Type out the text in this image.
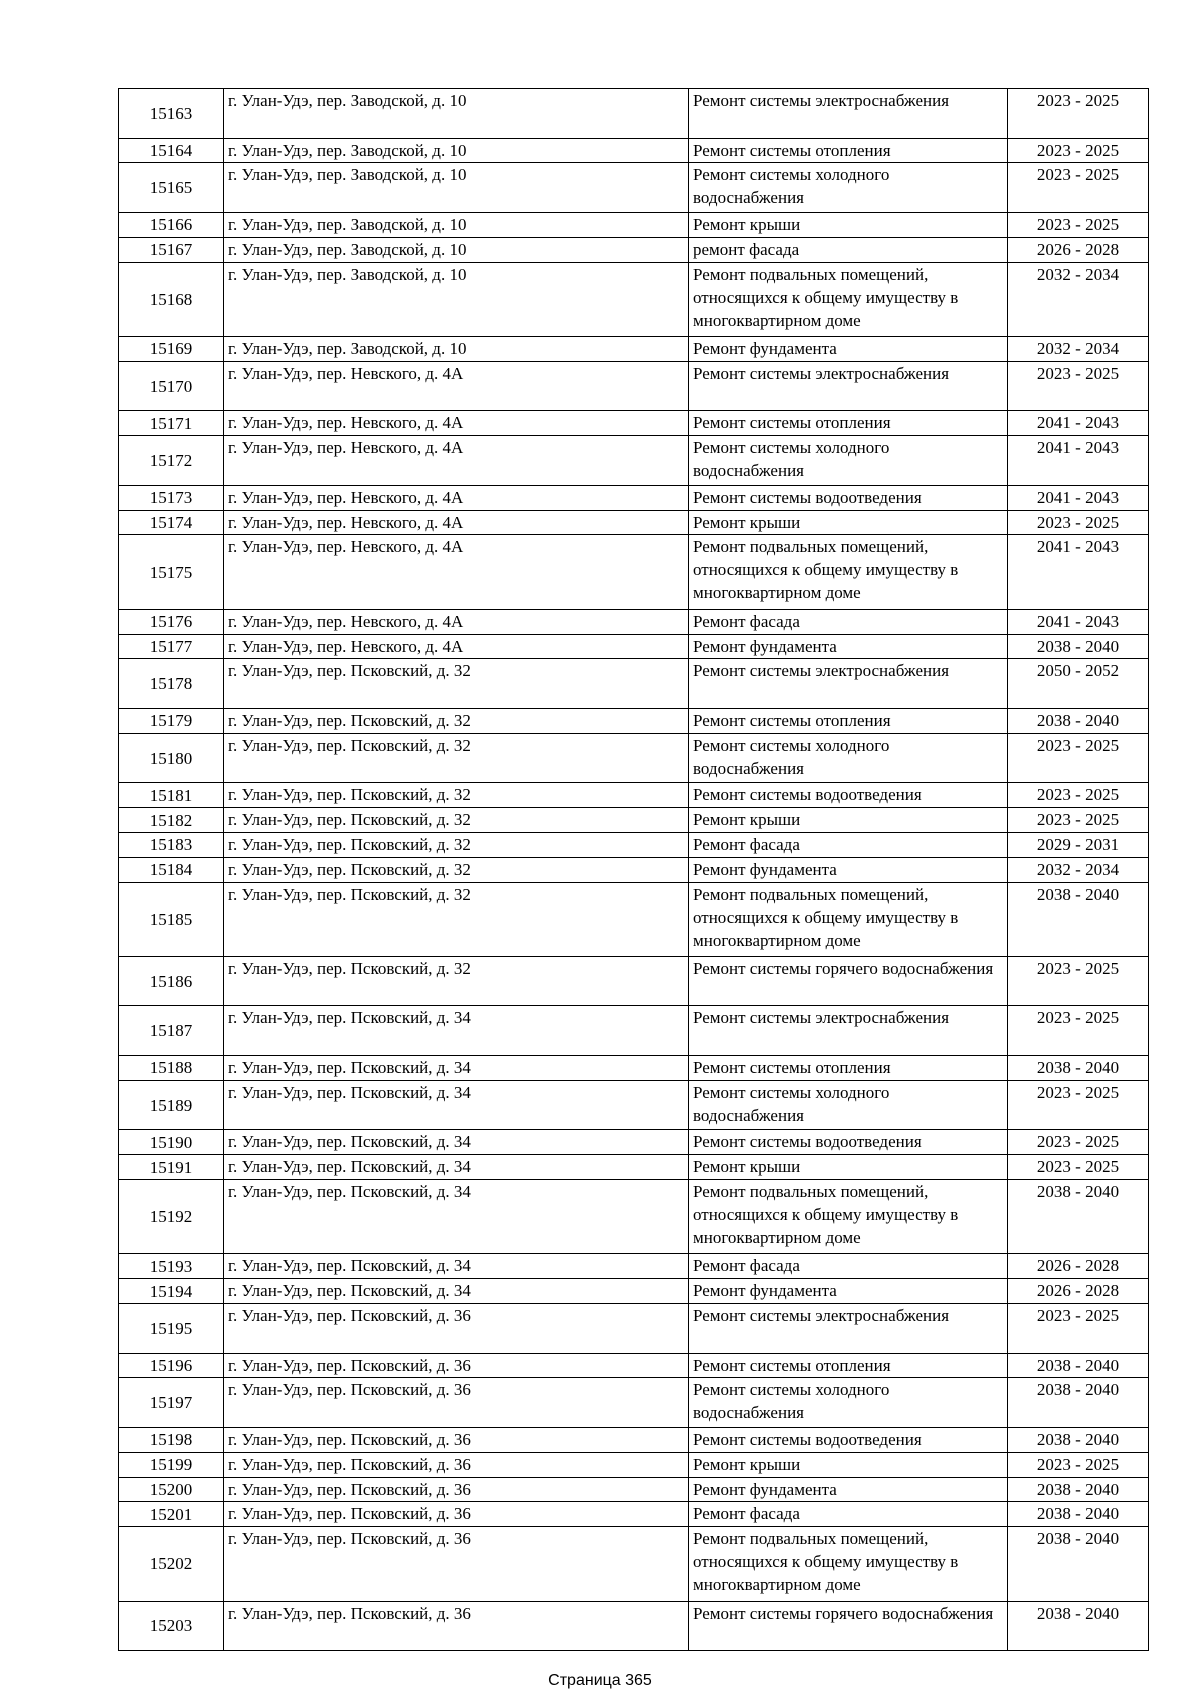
15163	г. Улан-Удэ, пер. Заводской, д. 10	Ремонт системы электроснабжения	2023 - 2025
15164	г. Улан-Удэ, пер. Заводской, д. 10	Ремонт системы отопления	2023 - 2025
15165	г. Улан-Удэ, пер. Заводской, д. 10	Ремонт системы холодного водоснабжения	2023 - 2025
15166	г. Улан-Удэ, пер. Заводской, д. 10	Ремонт крыши	2023 - 2025
15167	г. Улан-Удэ, пер. Заводской, д. 10	ремонт фасада	2026 - 2028
15168	г. Улан-Удэ, пер. Заводской, д. 10	Ремонт подвальных помещений, относящихся к общему имуществу в многоквартирном доме	2032 - 2034
15169	г. Улан-Удэ, пер. Заводской, д. 10	Ремонт фундамента	2032 - 2034
15170	г. Улан-Удэ, пер. Невского, д. 4А	Ремонт системы электроснабжения	2023 - 2025
15171	г. Улан-Удэ, пер. Невского, д. 4А	Ремонт системы отопления	2041 - 2043
15172	г. Улан-Удэ, пер. Невского, д. 4А	Ремонт системы холодного водоснабжения	2041 - 2043
15173	г. Улан-Удэ, пер. Невского, д. 4А	Ремонт системы водоотведения	2041 - 2043
15174	г. Улан-Удэ, пер. Невского, д. 4А	Ремонт крыши	2023 - 2025
15175	г. Улан-Удэ, пер. Невского, д. 4А	Ремонт подвальных помещений, относящихся к общему имуществу в многоквартирном доме	2041 - 2043
15176	г. Улан-Удэ, пер. Невского, д. 4А	Ремонт фасада	2041 - 2043
15177	г. Улан-Удэ, пер. Невского, д. 4А	Ремонт фундамента	2038 - 2040
15178	г. Улан-Удэ, пер. Псковский, д. 32	Ремонт системы электроснабжения	2050 - 2052
15179	г. Улан-Удэ, пер. Псковский, д. 32	Ремонт системы отопления	2038 - 2040
15180	г. Улан-Удэ, пер. Псковский, д. 32	Ремонт системы холодного водоснабжения	2023 - 2025
15181	г. Улан-Удэ, пер. Псковский, д. 32	Ремонт системы водоотведения	2023 - 2025
15182	г. Улан-Удэ, пер. Псковский, д. 32	Ремонт крыши	2023 - 2025
15183	г. Улан-Удэ, пер. Псковский, д. 32	Ремонт фасада	2029 - 2031
15184	г. Улан-Удэ, пер. Псковский, д. 32	Ремонт фундамента	2032 - 2034
15185	г. Улан-Удэ, пер. Псковский, д. 32	Ремонт подвальных помещений, относящихся к общему имуществу в многоквартирном доме	2038 - 2040
15186	г. Улан-Удэ, пер. Псковский, д. 32	Ремонт системы горячего водоснабжения	2023 - 2025
15187	г. Улан-Удэ, пер. Псковский, д. 34	Ремонт системы электроснабжения	2023 - 2025
15188	г. Улан-Удэ, пер. Псковский, д. 34	Ремонт системы отопления	2038 - 2040
15189	г. Улан-Удэ, пер. Псковский, д. 34	Ремонт системы холодного водоснабжения	2023 - 2025
15190	г. Улан-Удэ, пер. Псковский, д. 34	Ремонт системы водоотведения	2023 - 2025
15191	г. Улан-Удэ, пер. Псковский, д. 34	Ремонт крыши	2023 - 2025
15192	г. Улан-Удэ, пер. Псковский, д. 34	Ремонт подвальных помещений, относящихся к общему имуществу в многоквартирном доме	2038 - 2040
15193	г. Улан-Удэ, пер. Псковский, д. 34	Ремонт фасада	2026 - 2028
15194	г. Улан-Удэ, пер. Псковский, д. 34	Ремонт фундамента	2026 - 2028
15195	г. Улан-Удэ, пер. Псковский, д. 36	Ремонт системы электроснабжения	2023 - 2025
15196	г. Улан-Удэ, пер. Псковский, д. 36	Ремонт системы отопления	2038 - 2040
15197	г. Улан-Удэ, пер. Псковский, д. 36	Ремонт системы холодного водоснабжения	2038 - 2040
15198	г. Улан-Удэ, пер. Псковский, д. 36	Ремонт системы водоотведения	2038 - 2040
15199	г. Улан-Удэ, пер. Псковский, д. 36	Ремонт крыши	2023 - 2025
15200	г. Улан-Удэ, пер. Псковский, д. 36	Ремонт фундамента	2038 - 2040
15201	г. Улан-Удэ, пер. Псковский, д. 36	Ремонт фасада	2038 - 2040
15202	г. Улан-Удэ, пер. Псковский, д. 36	Ремонт подвальных помещений, относящихся к общему имуществу в многоквартирном доме	2038 - 2040
15203	г. Улан-Удэ, пер. Псковский, д. 36	Ремонт системы горячего водоснабжения	2038 - 2040
Страница 365
